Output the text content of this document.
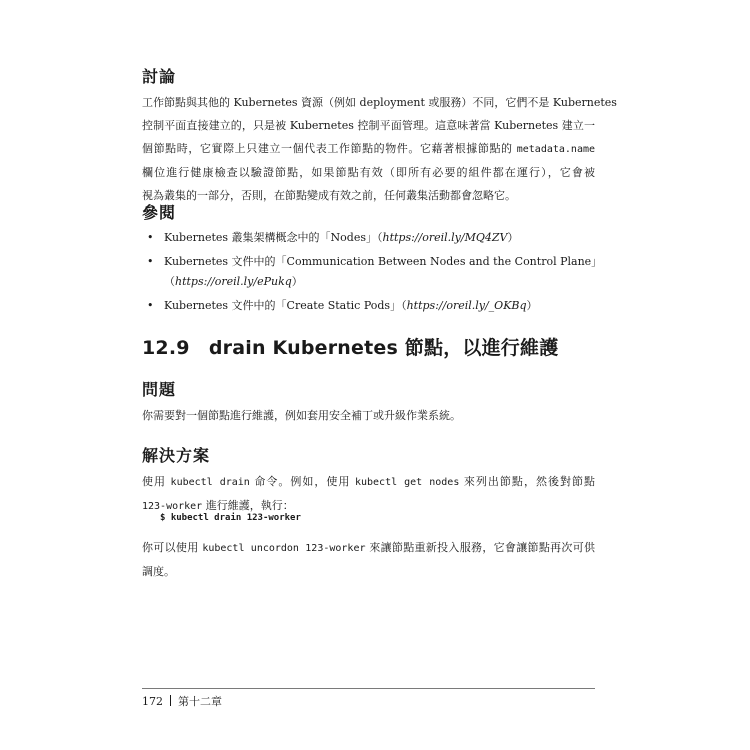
討論
工作節點與其他的 Kubernetes 資源（例如 deployment 或服務）不同，它們不是 Kubernetes
控制平面直接建立的，只是被 Kubernetes 控制平面管理。這意味著當 Kubernetes 建立一
個節點時，它實際上只建立一個代表工作節點的物件。它藉著根據節點的 metadata.name
欄位進行健康檢查以驗證節點，如果節點有效（即所有必要的組件都在運行），它會被
視為叢集的一部分，否則，在節點變成有效之前，任何叢集活動都會忽略它。
參閱
• Kubernetes 叢集架構概念中的「Nodes」（https://oreil.ly/MQ4ZV）
• Kubernetes 文件中的「Communication Between Nodes and the Control Plane」（https://oreil.ly/ePukq）
• Kubernetes 文件中的「Create Static Pods」（https://oreil.ly/_OKBq）
12.9　drain Kubernetes 節點，以進行維護
問題

你需要對一個節點進行維護，例如套用安全補丁或升級作業系統。

解決方案
使用 kubectl drain 命令。例如，使用 kubectl get nodes 來列出節點，然後對節點
123-worker 進行維護，執行：
$ kubectl drain 123-worker
你可以使用 kubectl uncordon 123-worker 來讓節點重新投入服務，它會讓節點再次可供
調度。
172 第十二章
